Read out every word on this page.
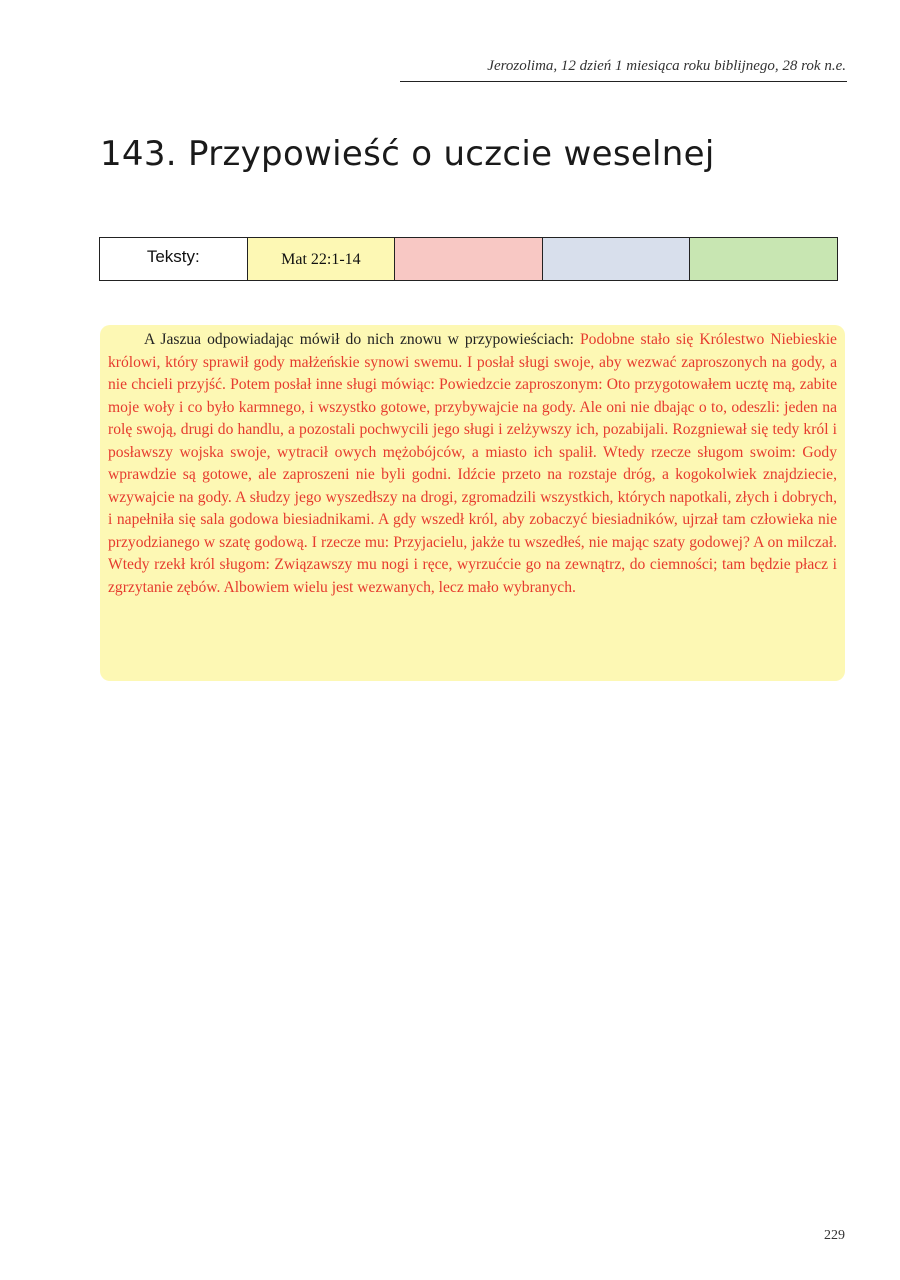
Jerozolima, 12 dzień 1 miesiąca roku biblijnego, 28 rok n.e.
143. Przypowieść o uczcie weselnej
Teksty:	Mat 22:1-14

A Jaszua odpowiadając mówił do nich znowu w przypowieściach: Podobne stało się Królestwo Niebieskie królowi, który sprawił gody małżeńskie synowi swemu. I posłał sługi swoje, aby wezwać zaproszonych na gody, a nie chcieli przyjść. Potem posłał inne sługi mówiąc: Powiedzcie zaproszonym: Oto przygotowałem ucztę mą, zabite moje woły i co było karmnego, i wszystko gotowe, przybywajcie na gody. Ale oni nie dbając o to, odeszli: jeden na rolę swoją, drugi do handlu, a pozostali pochwycili jego sługi i zelżywszy ich, pozabijali. Rozgniewał się tedy król i posławszy wojska swoje, wytracił owych mężobójców, a miasto ich spalił. Wtedy rzecze sługom swoim: Gody wprawdzie są gotowe, ale zaproszeni nie byli godni. Idźcie przeto na rozstaje dróg, a kogokolwiek znajdziecie, wzywajcie na gody. A słudzy jego wyszedłszy na drogi, zgromadzili wszystkich, których napotkali, złych i dobrych, i napełniła się sala godowa biesiadnikami. A gdy wszedł król, aby zobaczyć biesiadników, ujrzał tam człowieka nie przyodzianego w szatę godową. I rzecze mu: Przyjacielu, jakże tu wszedłeś, nie mając szaty godowej? A on milczał. Wtedy rzekł król sługom: Związawszy mu nogi i ręce, wyrzućcie go na zewnątrz, do ciemności; tam będzie płacz i zgrzytanie zębów. Albowiem wielu jest wezwanych, lecz mało wybranych.

229
